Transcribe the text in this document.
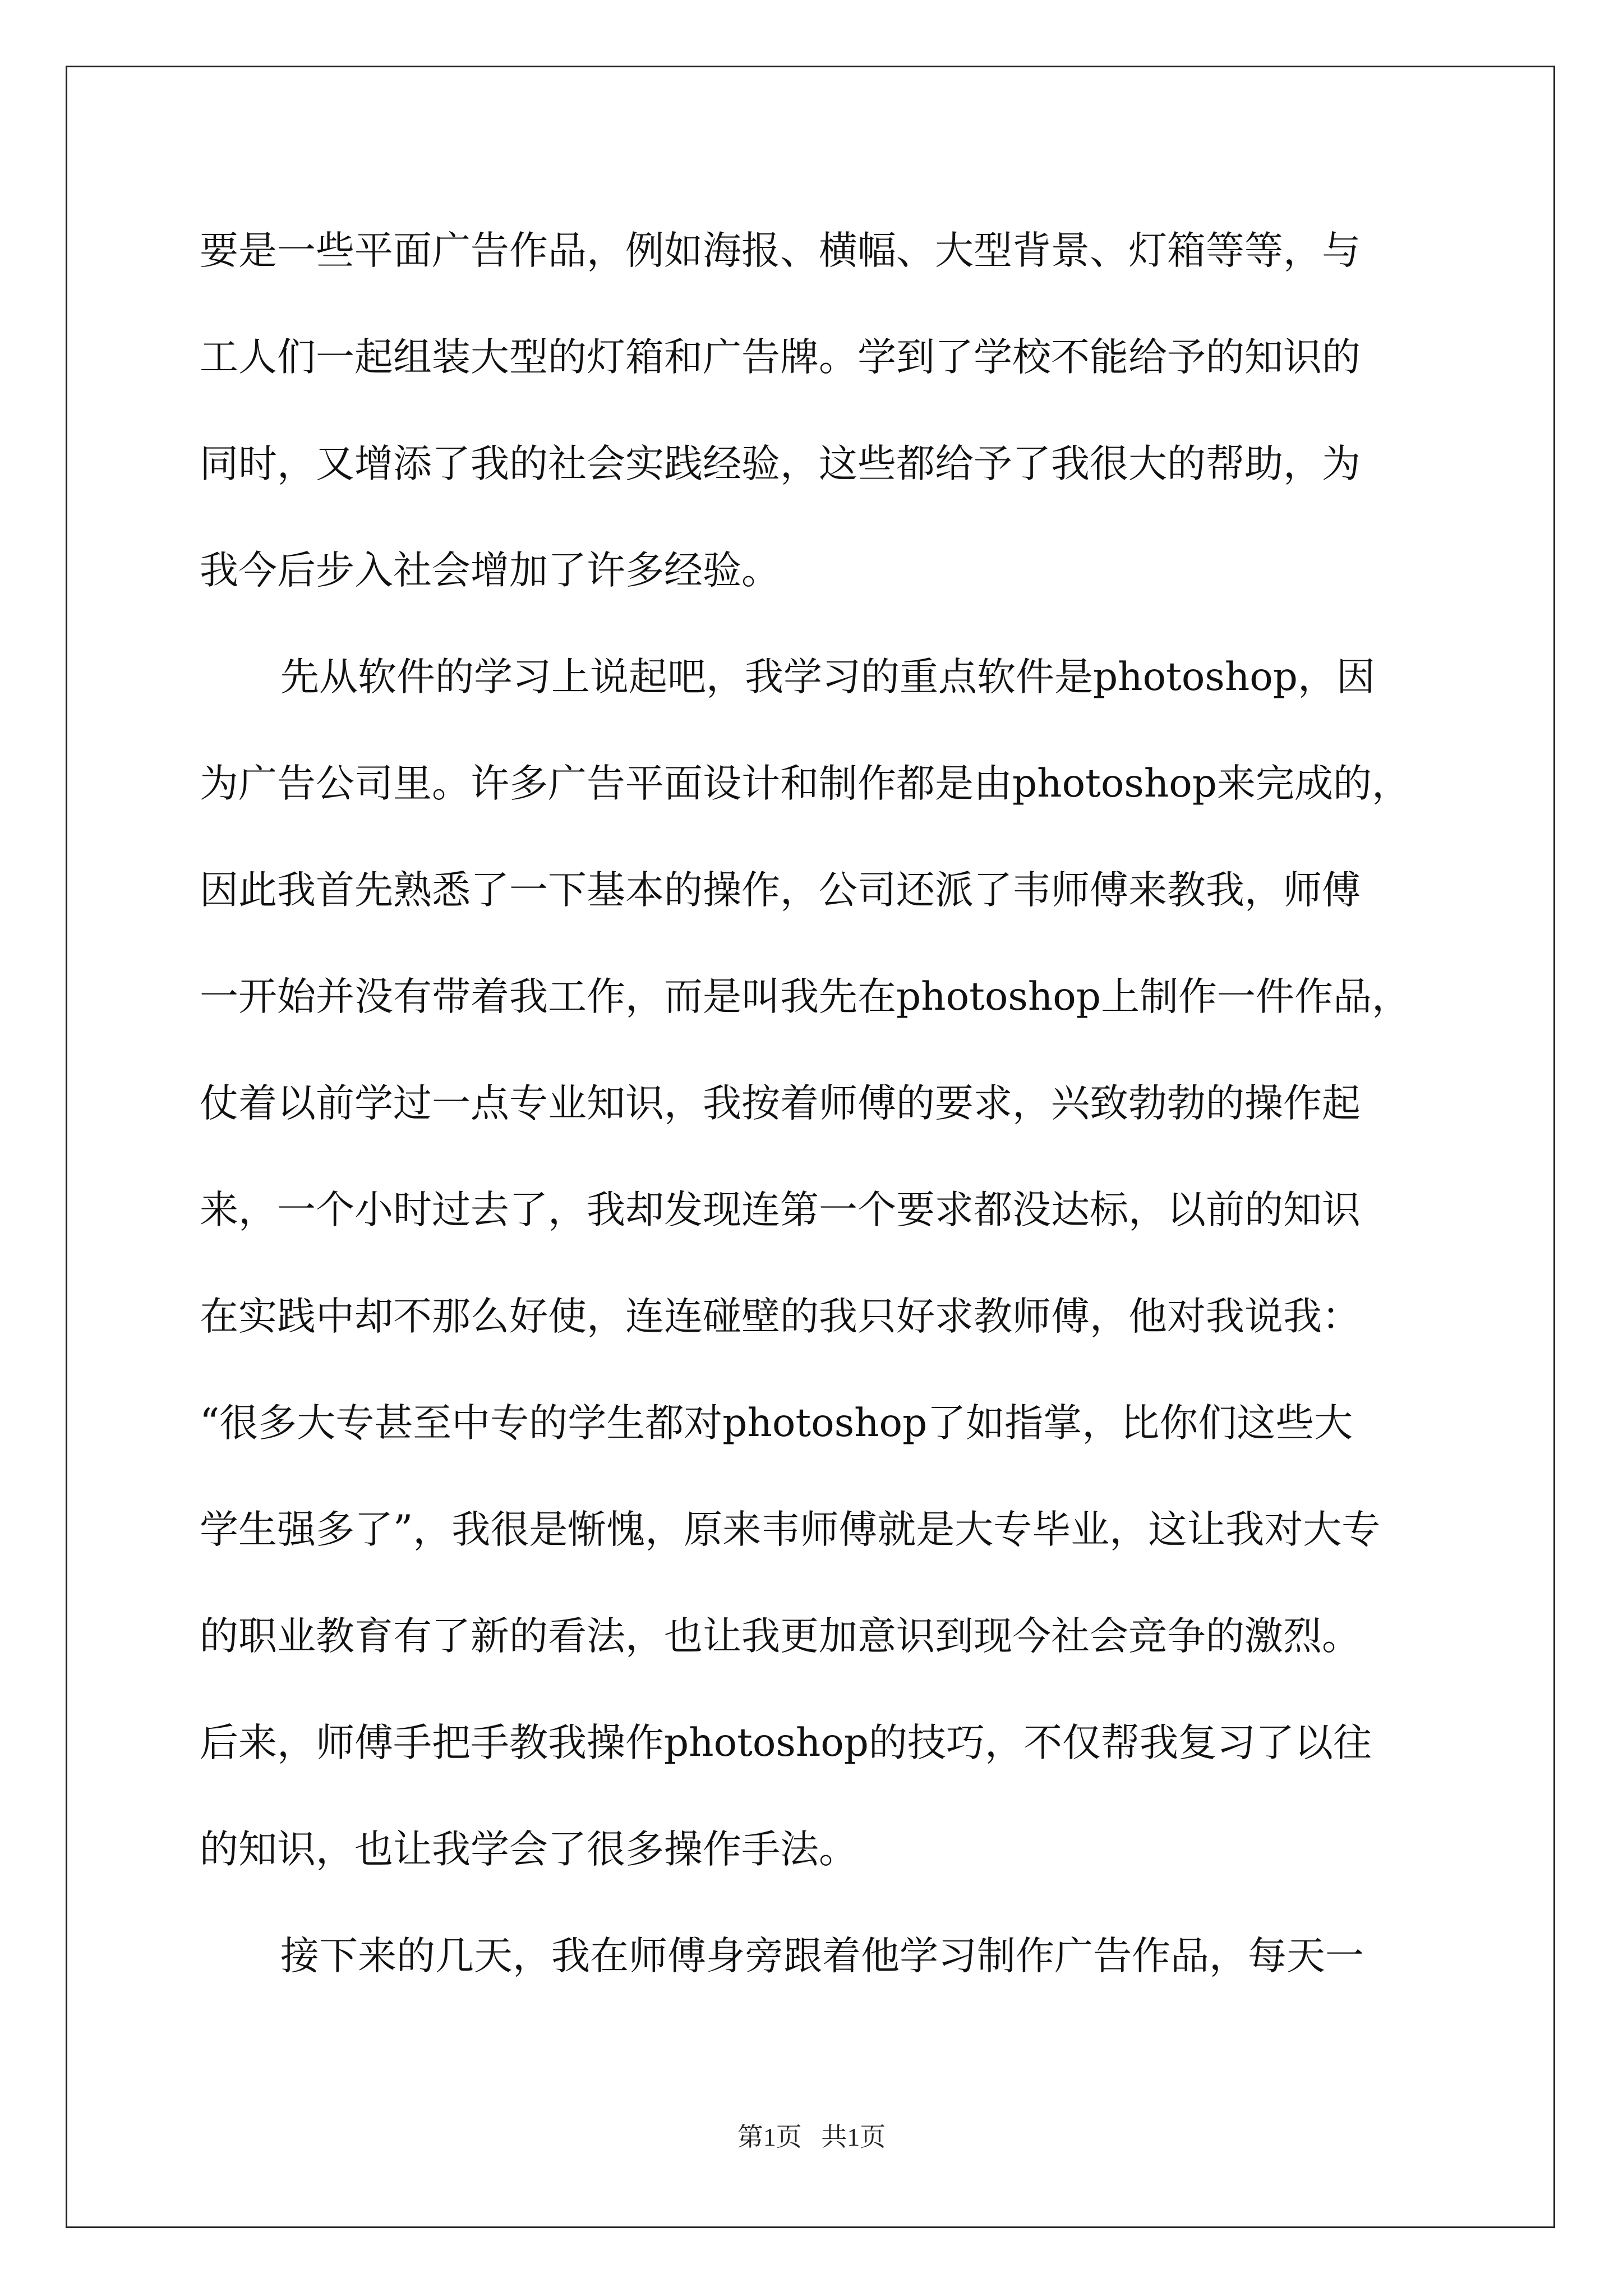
要是一些平面广告作品，例如海报、横幅、大型背景、灯箱等等，与
工人们一起组装大型的灯箱和广告牌。学到了学校不能给予的知识的
同时，又增添了我的社会实践经验，这些都给予了我很大的帮助，为
我今后步入社会增加了许多经验。
先从软件的学习上说起吧，我学习的重点软件是photoshop，因
为广告公司里。许多广告平面设计和制作都是由photoshop来完成的，
因此我首先熟悉了一下基本的操作，公司还派了韦师傅来教我，师傅
一开始并没有带着我工作，而是叫我先在photoshop上制作一件作品，
仗着以前学过一点专业知识，我按着师傅的要求，兴致勃勃的操作起
来，一个小时过去了，我却发现连第一个要求都没达标，以前的知识
在实践中却不那么好使，连连碰壁的我只好求教师傅，他对我说我：
“很多大专甚至中专的学生都对photoshop了如指掌，比你们这些大
学生强多了”，我很是惭愧，原来韦师傅就是大专毕业，这让我对大专
的职业教育有了新的看法，也让我更加意识到现今社会竞争的激烈。
后来，师傅手把手教我操作photoshop的技巧，不仅帮我复习了以往
的知识，也让我学会了很多操作手法。
接下来的几天，我在师傅身旁跟着他学习制作广告作品，每天一
第1页   共1页
